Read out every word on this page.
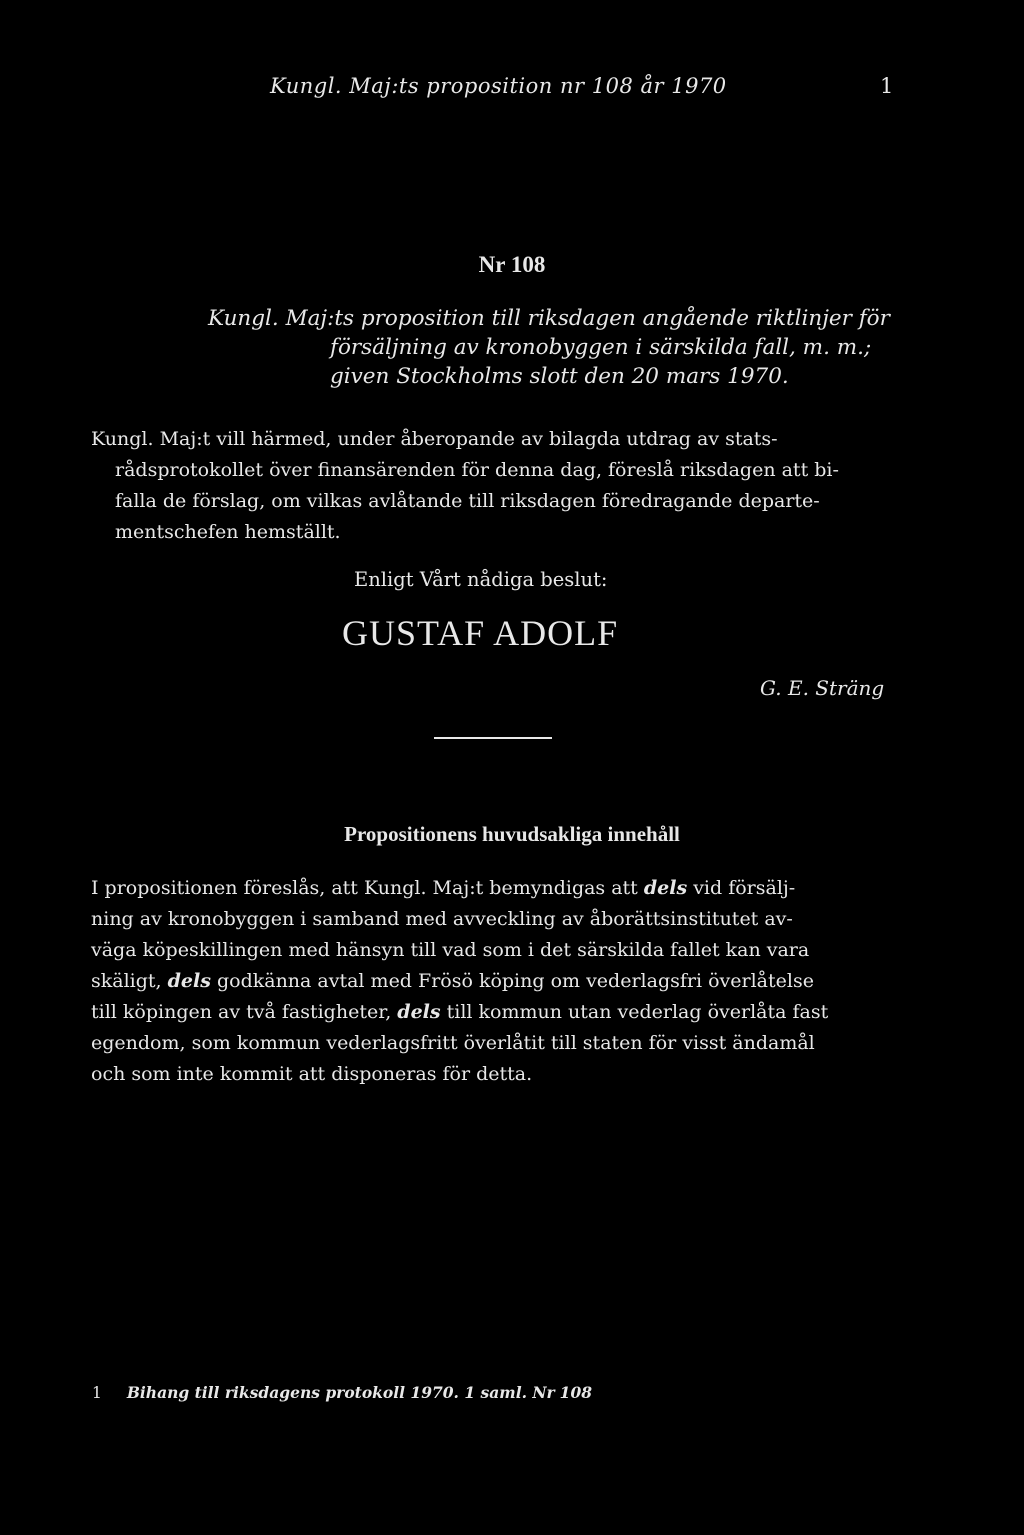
Kungl. Maj:ts proposition nr 108 år 1970	1
Nr 108
Kungl. Maj:ts proposition till riksdagen angående riktlinjer för
försäljning av kronobyggen i särskilda fall, m. m.;
given Stockholms slott den 20 mars 1970.
Kungl. Maj:t vill härmed, under åberopande av bilagda utdrag av stats-
rådsprotokollet över finansärenden för denna dag, föreslå riksdagen att bi-
falla de förslag, om vilkas avlåtande till riksdagen föredragande departe-
mentschefen hemställt.
Enligt Vårt nådiga beslut:
GUSTAF ADOLF
G. E. Sträng
Propositionens huvudsakliga innehåll
I propositionen föreslås, att Kungl. Maj:t bemyndigas att dels vid försälj-
ning av kronobyggen i samband med avveckling av åborättsinstitutet av-
väga köpeskillingen med hänsyn till vad som i det särskilda fallet kan vara
skäligt, dels godkänna avtal med Frösö köping om vederlagsfri överlåtelse
till köpingen av två fastigheter, dels till kommun utan vederlag överlåta fast
egendom, som kommun vederlagsfritt överlåtit till staten för visst ändamål
och som inte kommit att disponeras för detta.
1 Bihang till riksdagens protokoll 1970. 1 saml. Nr 108
